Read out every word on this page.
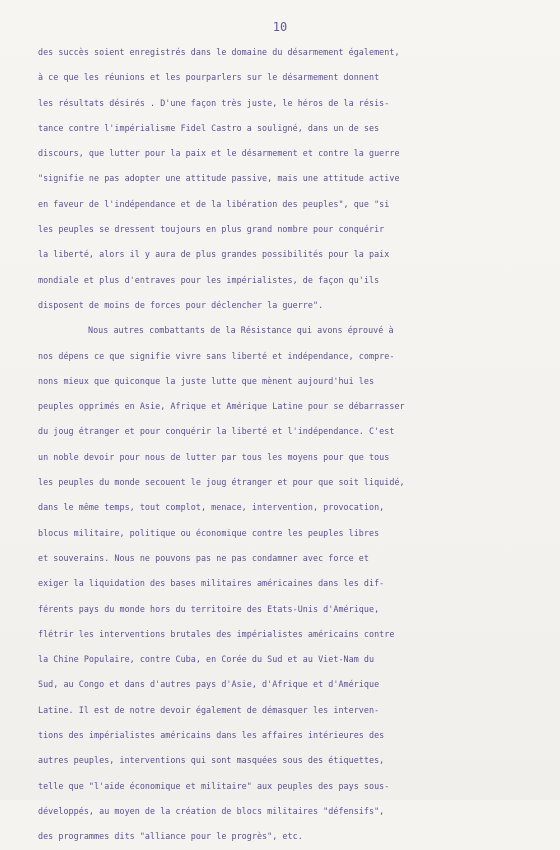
10
des succès soient enregistrés dans le domaine du désarmement également,
à ce que les réunions et les pourparlers sur le désarmement donnent
les résultats désirés . D'une façon très juste, le héros de la résis-
tance contre l'impérialisme Fidel Castro a souligné, dans un de ses
discours, que lutter pour la paix et le désarmement et contre la guerre
"signifie ne pas adopter une attitude passive, mais une attitude active
en faveur de l'indépendance et de la libération des peuples", que "si
les peuples se dressent toujours en plus grand nombre pour conquérir
la liberté, alors il y aura de plus grandes possibilités pour la paix
mondiale et plus d'entraves pour les impérialistes, de façon qu'ils
disposent de moins de forces pour déclencher la guerre".
Nous autres combattants de la Résistance qui avons éprouvé à
nos dépens ce que signifie vivre sans liberté et indépendance, compre-
nons mieux que quiconque la juste lutte que mènent aujourd'hui les
peuples opprimés en Asie, Afrique et Amérique Latine pour se débarrasser
du joug étranger et pour conquérir la liberté et l'indépendance. C'est
un noble devoir pour nous de lutter par tous les moyens pour que tous
les peuples du monde secouent le joug étranger et pour que soit liquidé,
dans le même temps, tout complot, menace, intervention, provocation,
blocus militaire, politique ou économique contre les peuples libres
et souverains. Nous ne pouvons pas ne pas condamner avec force et
exiger la liquidation des bases militaires américaines dans les dif-
férents pays du monde hors du territoire des Etats-Unis d'Amérique,
flétrir les interventions brutales des impérialistes américains contre
la Chine Populaire, contre Cuba, en Corée du Sud et au Viet-Nam du
Sud, au Congo et dans d'autres pays d'Asie, d'Afrique et d'Amérique
Latine. Il est de notre devoir également de démasquer les interven-
tions des impérialistes américains dans les affaires intérieures des
autres peuples, interventions qui sont masquées sous des étiquettes,
telle que "l'aide économique et militaire" aux peuples des pays sous-
développés, au moyen de la création de blocs militaires "défensifs",
des programmes dits "alliance pour le progrès", etc.
